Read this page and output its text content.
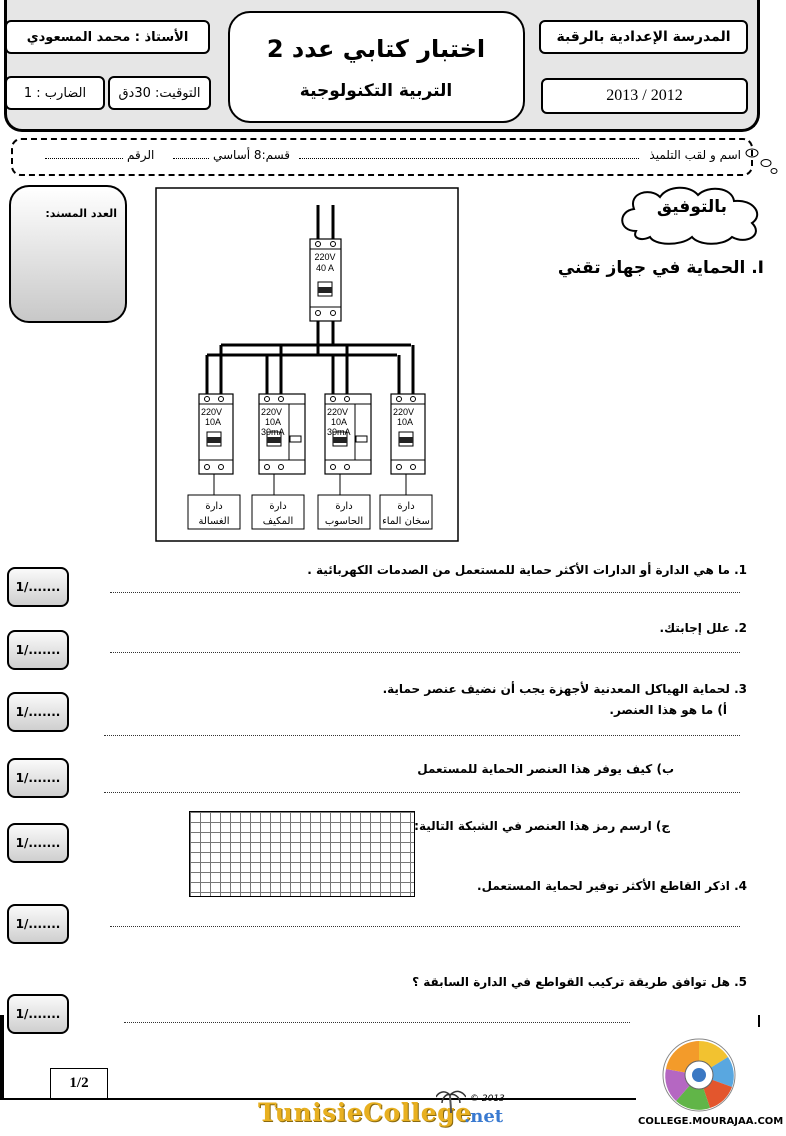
الأستاذ : محمد المسعودي
التوقيت: 30دق
الضارب : 1
اختبار كتابي عدد 2
التربية التكنولوجية
المدرسة الإعدادية بالرقبة
2013 / 2012
اسم و لقب التلميذ
قسم:8 أساسي
الرقم
العدد المسند:	بالتوفيق
I. الحماية في جهاز تقني
220V
40 A
220V
10A
دارة
الغسالة
220V
10A
30mA
دارة
المكيف
220V
10A
30mA
دارة
الحاسوب
220V
10A
دارة
سخان الماء
1. ما هي الدارة أو الدارات الأكثر حماية للمستعمل من الصدمات الكهربائية .
2. علل إجابتك.
3. لحماية الهياكل المعدنية لأجهزة يجب أن نضيف عنصر حماية.
أ) ما هو هذا العنصر.
ب) كيف يوفر هذا العنصر الحماية للمستعمل
ج) ارسم رمز هذا العنصر في الشبكة التالية:
4. اذكر القاطع الأكثر توفير لحماية المستعمل.
5. هل توافق طريقة تركيب القواطع في الدارة السابقة ؟
1/.......
1/.......
1/.......
1/.......
1/.......
1/.......
1/.......
1/2
TunisieCollege
.net
© 2013
COLLEGE.MOURAJAA.COM
